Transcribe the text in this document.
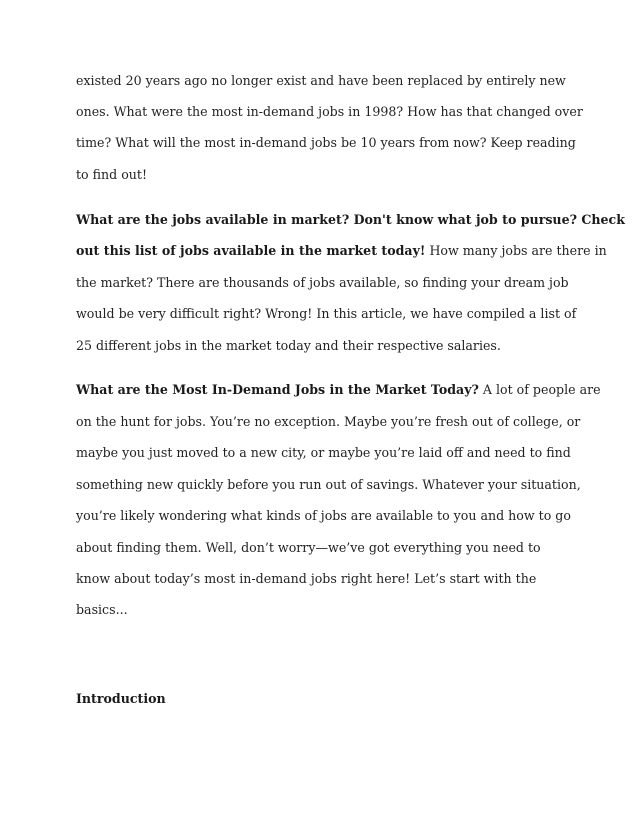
existed 20 years ago no longer exist and have been replaced by entirely new

ones. What were the most in-demand jobs in 1998? How has that changed over

time? What will the most in-demand jobs be 10 years from now? Keep reading

to find out!

What are the jobs available in market? Don't know what job to pursue? Check

out this list of jobs available in the market today! How many jobs are there in

the market? There are thousands of jobs available, so finding your dream job

would be very difficult right? Wrong! In this article, we have compiled a list of

25 different jobs in the market today and their respective salaries.

What are the Most In-Demand Jobs in the Market Today? A lot of people are

on the hunt for jobs. You’re no exception. Maybe you’re fresh out of college, or

maybe you just moved to a new city, or maybe you’re laid off and need to find

something new quickly before you run out of savings. Whatever your situation,

you’re likely wondering what kinds of jobs are available to you and how to go

about finding them. Well, don’t worry—we’ve got everything you need to

know about today’s most in-demand jobs right here! Let’s start with the

basics...

Introduction
